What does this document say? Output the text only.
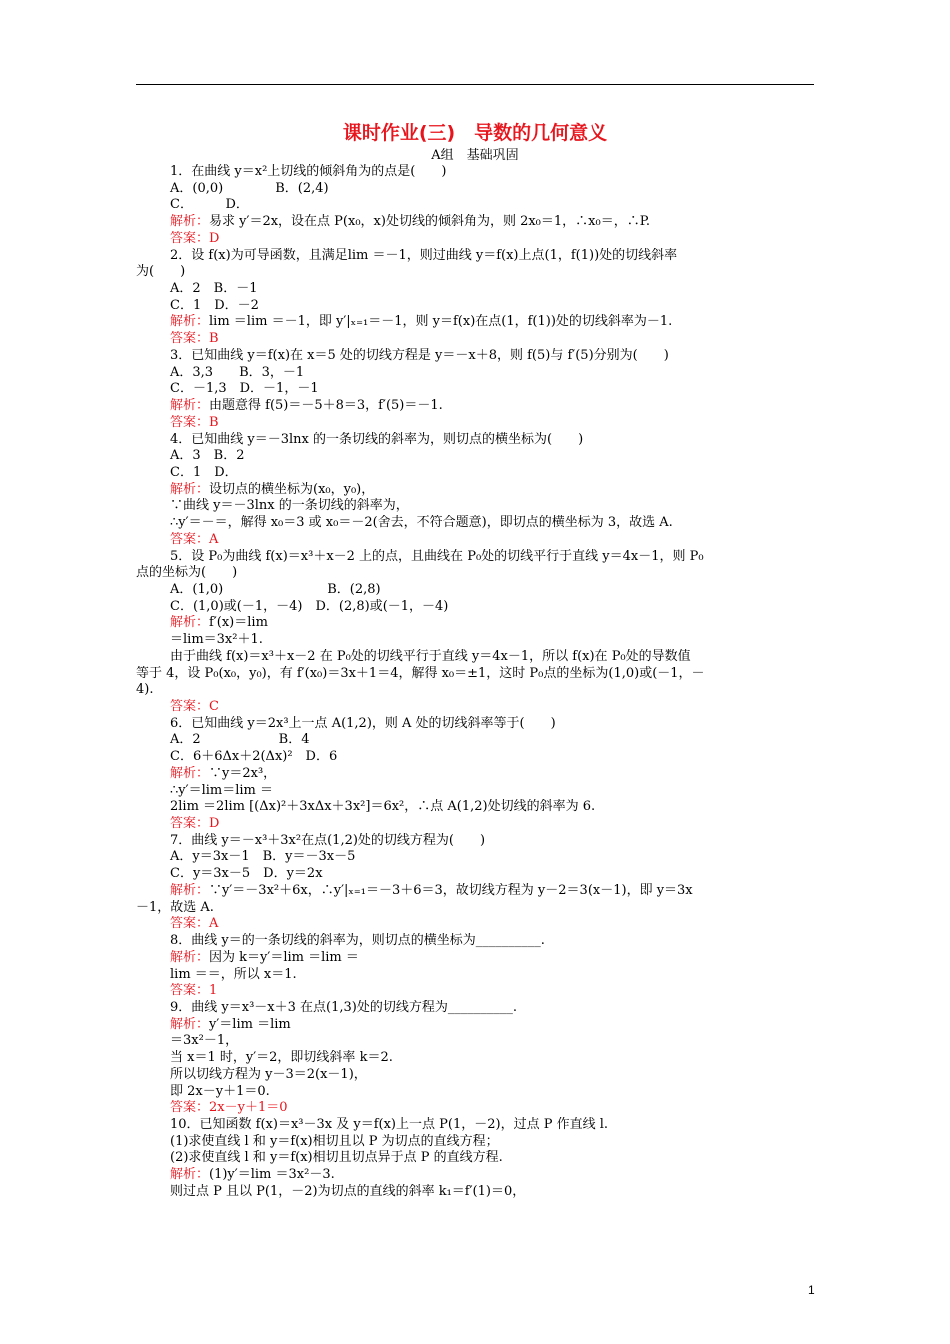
课时作业(三)　导数的几何意义
A组　基础巩固
1．在曲线 y＝x²上切线的倾斜角为的点是(　　)
A．(0,0)　　　　B．(2,4)
C．　　　D．
解析：易求 y′＝2x，设在点 P(x₀，x)处切线的倾斜角为，则 2x₀＝1，∴x₀＝，∴P.
答案：D
2．设 f(x)为可导函数，且满足lim ＝－1，则过曲线 y＝f(x)上点(1，f(1))处的切线斜率
为(　　)
A．2　B．－1
C．1　D．－2
解析：lim ＝lim ＝－1，即 y′|ₓ₌₁＝－1，则 y＝f(x)在点(1，f(1))处的切线斜率为－1.
答案：B
3．已知曲线 y＝f(x)在 x＝5 处的切线方程是 y＝－x＋8，则 f(5)与 f′(5)分别为(　　)
A．3,3　　B．3，－1
C．－1,3　D．－1，－1
解析：由题意得 f(5)＝－5＋8＝3，f′(5)＝－1.
答案：B
4．已知曲线 y＝－3lnx 的一条切线的斜率为，则切点的横坐标为(　　)
A．3　B．2
C．1　D．
解析：设切点的横坐标为(x₀，y₀)，
∵曲线 y＝－3lnx 的一条切线的斜率为，
∴y′＝－＝，解得 x₀＝3 或 x₀＝－2(舍去，不符合题意)，即切点的横坐标为 3，故选 A.
答案：A
5．设 P₀为曲线 f(x)＝x³＋x－2 上的点，且曲线在 P₀处的切线平行于直线 y＝4x－1，则 P₀
点的坐标为(　　)
A．(1,0)　　　　　　　　B．(2,8)
C．(1,0)或(－1，－4)　D．(2,8)或(－1，－4)
解析：f′(x)＝lim
＝lim＝3x²＋1.
由于曲线 f(x)＝x³＋x－2 在 P₀处的切线平行于直线 y＝4x－1，所以 f(x)在 P₀处的导数值
等于 4，设 P₀(x₀，y₀)，有 f′(x₀)＝3x＋1＝4，解得 x₀＝±1，这时 P₀点的坐标为(1,0)或(－1，－
4).
答案：C
6．已知曲线 y＝2x³上一点 A(1,2)，则 A 处的切线斜率等于(　　)
A．2　　　　　　B．4
C．6＋6Δx＋2(Δx)²　D．6
解析：∵y＝2x³，
∴y′＝lim＝lim ＝
2lim ＝2lim [(Δx)²＋3xΔx＋3x²]＝6x²，∴点 A(1,2)处切线的斜率为 6.
答案：D
7．曲线 y＝－x³＋3x²在点(1,2)处的切线方程为(　　)
A．y＝3x－1　B．y＝－3x－5
C．y＝3x－5　D．y＝2x
解析：∵y′＝－3x²＋6x，∴y′|ₓ₌₁＝－3＋6＝3，故切线方程为 y－2＝3(x－1)，即 y＝3x
－1，故选 A.
答案：A
8．曲线 y＝的一条切线的斜率为，则切点的横坐标为__________.
解析：因为 k＝y′＝lim ＝lim ＝
lim ＝＝，所以 x＝1.
答案：1
9．曲线 y＝x³－x＋3 在点(1,3)处的切线方程为__________.
解析：y′＝lim ＝lim
＝3x²－1，
当 x＝1 时，y′＝2，即切线斜率 k＝2.
所以切线方程为 y－3＝2(x－1)，
即 2x－y＋1＝0.
答案：2x－y＋1＝0
10．已知函数 f(x)＝x³－3x 及 y＝f(x)上一点 P(1，－2)，过点 P 作直线 l.
(1)求使直线 l 和 y＝f(x)相切且以 P 为切点的直线方程；
(2)求使直线 l 和 y＝f(x)相切且切点异于点 P 的直线方程.
解析：(1)y′＝lim ＝3x²－3.
则过点 P 且以 P(1，－2)为切点的直线的斜率 k₁＝f′(1)＝0，
1
